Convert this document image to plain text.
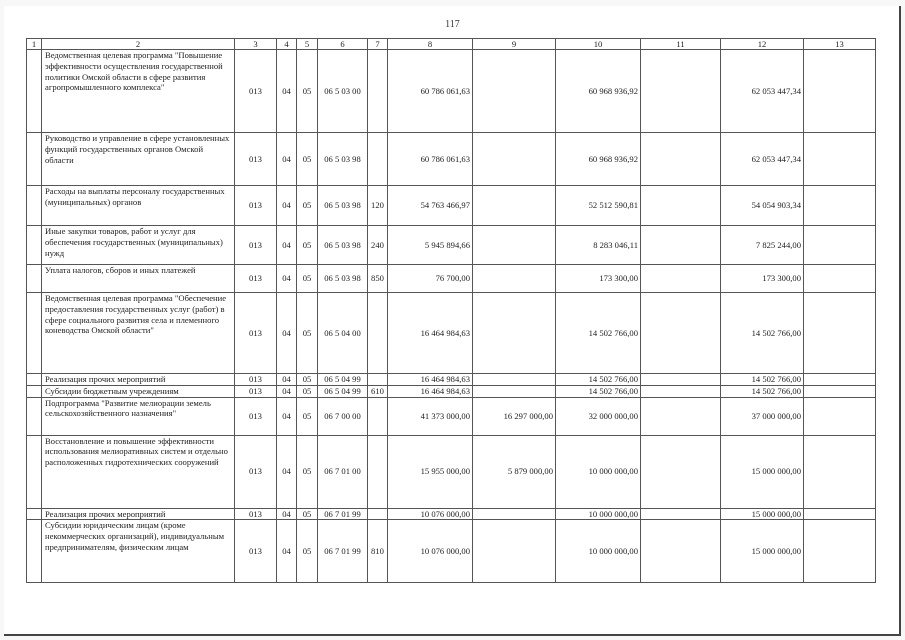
117
1	2	3	4	5	6	7	8	9	10	11	12	13
	Ведомственная целевая программа "Повышение эффективности осуществления государственной политики Омской области в сфере развития агропромышленного комплекса"	013	04	05	06 5 03 00		60 786 061,63		60 968 936,92		62 053 447,34	
	Руководство и управление в сфере установленных функций государственных органов Омской области	013	04	05	06 5 03 98		60 786 061,63		60 968 936,92		62 053 447,34	
	Расходы на выплаты персоналу государственных (муниципальных) органов	013	04	05	06 5 03 98	120	54 763 466,97		52 512 590,81		54 054 903,34	
	Иные закупки товаров, работ и услуг для обеспечения государственных (муниципальных) нужд	013	04	05	06 5 03 98	240	5 945 894,66		8 283 046,11		7 825 244,00	
	Уплата налогов, сборов и иных платежей	013	04	05	06 5 03 98	850	76 700,00		173 300,00		173 300,00	
	Ведомственная целевая программа "Обеспечение предоставления государственных услуг (работ) в сфере социального развития села и племенного коневодства Омской области"	013	04	05	06 5 04 00		16 464 984,63		14 502 766,00		14 502 766,00	
	Реализация прочих мероприятий	013	04	05	06 5 04 99		16 464 984,63		14 502 766,00		14 502 766,00	
	Субсидии бюджетным учреждениям	013	04	05	06 5 04 99	610	16 464 984,63		14 502 766,00		14 502 766,00	
	Подпрограмма "Развитие мелиорации земель сельскохозяйственного назначения"	013	04	05	06 7 00 00		41 373 000,00	16 297 000,00	32 000 000,00		37 000 000,00	
	Восстановление и повышение эффективности использования мелиоративных систем и отдельно расположенных гидротехнических сооружений	013	04	05	06 7 01 00		15 955 000,00	5 879 000,00	10 000 000,00		15 000 000,00	
	Реализация прочих мероприятий	013	04	05	06 7 01 99		10 076 000,00		10 000 000,00		15 000 000,00	
	Субсидии юридическим лицам (кроме некоммерческих организаций), индивидуальным предпринимателям, физическим лицам	013	04	05	06 7 01 99	810	10 076 000,00		10 000 000,00		15 000 000,00	
